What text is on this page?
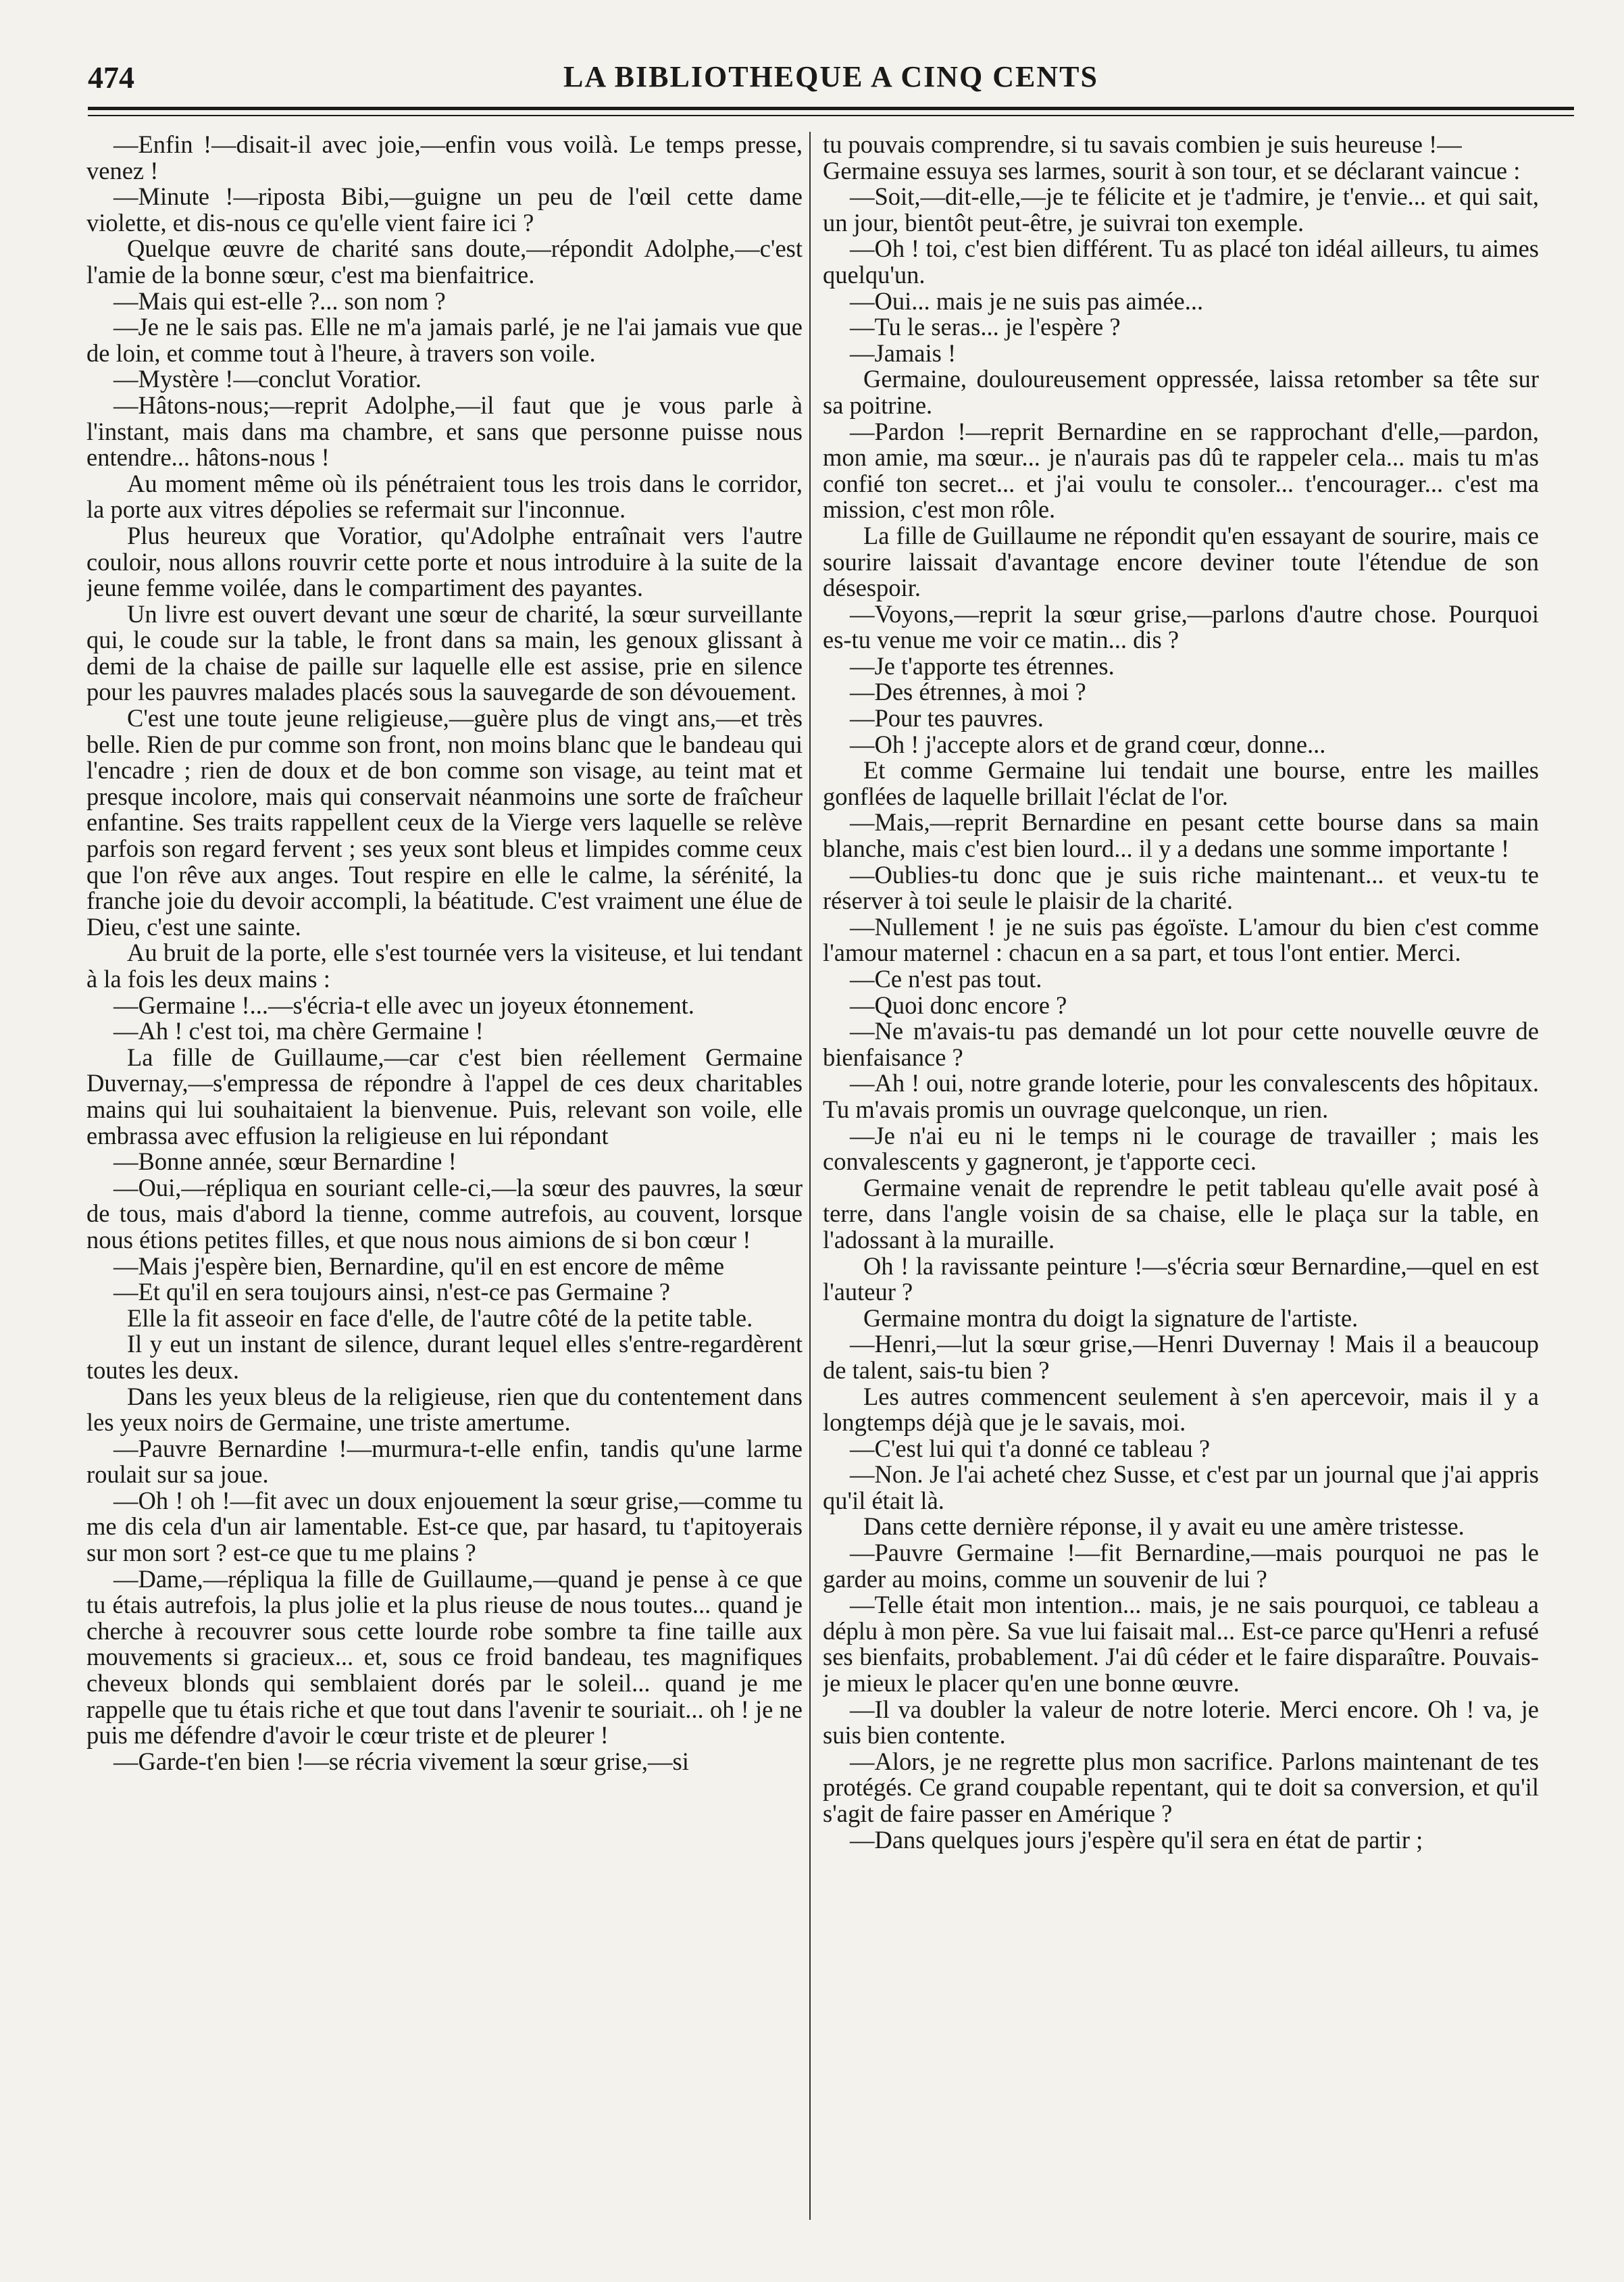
474	LA BIBLIOTHEQUE A CINQ CENTS

—Enfin !—disait-il avec joie,—enfin vous voilà. Le temps presse, venez !

—Minute !—riposta Bibi,—guigne un peu de l'œil cette dame violette, et dis-nous ce qu'elle vient faire ici ?

Quelque œuvre de charité sans doute,—répondit Adolphe,—c'est l'amie de la bonne sœur, c'est ma bienfaitrice.

—Mais qui est-elle ?... son nom ?

—Je ne le sais pas. Elle ne m'a jamais parlé, je ne l'ai jamais vue que de loin, et comme tout à l'heure, à travers son voile.

—Mystère !—conclut Voratior.

—Hâtons-nous;—reprit Adolphe,—il faut que je vous parle à l'instant, mais dans ma chambre, et sans que personne puisse nous entendre... hâtons-nous !

Au moment même où ils pénétraient tous les trois dans le corridor, la porte aux vitres dépolies se refermait sur l'inconnue.

Plus heureux que Voratior, qu'Adolphe entraînait vers l'autre couloir, nous allons rouvrir cette porte et nous introduire à la suite de la jeune femme voilée, dans le compartiment des payantes.

Un livre est ouvert devant une sœur de charité, la sœur surveillante qui, le coude sur la table, le front dans sa main, les genoux glissant à demi de la chaise de paille sur laquelle elle est assise, prie en silence pour les pauvres malades placés sous la sauvegarde de son dévouement.

C'est une toute jeune religieuse,—guère plus de vingt ans,—et très belle. Rien de pur comme son front, non moins blanc que le bandeau qui l'encadre ; rien de doux et de bon comme son visage, au teint mat et presque incolore, mais qui conservait néanmoins une sorte de fraîcheur enfantine. Ses traits rappellent ceux de la Vierge vers laquelle se relève parfois son regard fervent ; ses yeux sont bleus et limpides comme ceux que l'on rêve aux anges. Tout respire en elle le calme, la sérénité, la franche joie du devoir accompli, la béatitude. C'est vraiment une élue de Dieu, c'est une sainte.

Au bruit de la porte, elle s'est tournée vers la visiteuse, et lui tendant à la fois les deux mains :

—Germaine !...—s'écria-t elle avec un joyeux étonnement.

—Ah ! c'est toi, ma chère Germaine !

La fille de Guillaume,—car c'est bien réellement Germaine Duvernay,—s'empressa de répondre à l'appel de ces deux charitables mains qui lui souhaitaient la bienvenue. Puis, relevant son voile, elle embrassa avec effusion la religieuse en lui répondant

—Bonne année, sœur Bernardine !

—Oui,—répliqua en souriant celle-ci,—la sœur des pauvres, la sœur de tous, mais d'abord la tienne, comme autrefois, au couvent, lorsque nous étions petites filles, et que nous nous aimions de si bon cœur !

—Mais j'espère bien, Bernardine, qu'il en est encore de même

—Et qu'il en sera toujours ainsi, n'est-ce pas Germaine ?

Elle la fit asseoir en face d'elle, de l'autre côté de la petite table.

Il y eut un instant de silence, durant lequel elles s'entre-regardèrent toutes les deux.

Dans les yeux bleus de la religieuse, rien que du contentement dans les yeux noirs de Germaine, une triste amertume.

—Pauvre Bernardine !—murmura-t-elle enfin, tandis qu'une larme roulait sur sa joue.

—Oh ! oh !—fit avec un doux enjouement la sœur grise,—comme tu me dis cela d'un air lamentable. Est-ce que, par hasard, tu t'apitoyerais sur mon sort ? est-ce que tu me plains ?

—Dame,—répliqua la fille de Guillaume,—quand je pense à ce que tu étais autrefois, la plus jolie et la plus rieuse de nous toutes... quand je cherche à recouvrer sous cette lourde robe sombre ta fine taille aux mouvements si gracieux... et, sous ce froid bandeau, tes magnifiques cheveux blonds qui semblaient dorés par le soleil... quand je me rappelle que tu étais riche et que tout dans l'avenir te souriait... oh ! je ne puis me défendre d'avoir le cœur triste et de pleurer !

—Garde-t'en bien !—se récria vivement la sœur grise,—si

tu pouvais comprendre, si tu savais combien je suis heureuse !—

Germaine essuya ses larmes, sourit à son tour, et se déclarant vaincue :

—Soit,—dit-elle,—je te félicite et je t'admire, je t'envie... et qui sait, un jour, bientôt peut-être, je suivrai ton exemple.

—Oh ! toi, c'est bien différent. Tu as placé ton idéal ailleurs, tu aimes quelqu'un.

—Oui... mais je ne suis pas aimée...

—Tu le seras... je l'espère ?

—Jamais !

Germaine, douloureusement oppressée, laissa retomber sa tête sur sa poitrine.

—Pardon !—reprit Bernardine en se rapprochant d'elle,—pardon, mon amie, ma sœur... je n'aurais pas dû te rappeler cela... mais tu m'as confié ton secret... et j'ai voulu te consoler... t'encourager... c'est ma mission, c'est mon rôle.

La fille de Guillaume ne répondit qu'en essayant de sourire, mais ce sourire laissait d'avantage encore deviner toute l'étendue de son désespoir.

—Voyons,—reprit la sœur grise,—parlons d'autre chose. Pourquoi es-tu venue me voir ce matin... dis ?

—Je t'apporte tes étrennes.

—Des étrennes, à moi ?

—Pour tes pauvres.

—Oh ! j'accepte alors et de grand cœur, donne...

Et comme Germaine lui tendait une bourse, entre les mailles gonflées de laquelle brillait l'éclat de l'or.

—Mais,—reprit Bernardine en pesant cette bourse dans sa main blanche, mais c'est bien lourd... il y a dedans une somme importante !

—Oublies-tu donc que je suis riche maintenant... et veux-tu te réserver à toi seule le plaisir de la charité.

—Nullement ! je ne suis pas égoïste. L'amour du bien c'est comme l'amour maternel : chacun en a sa part, et tous l'ont entier. Merci.

—Ce n'est pas tout.

—Quoi donc encore ?

—Ne m'avais-tu pas demandé un lot pour cette nouvelle œuvre de bienfaisance ?

—Ah ! oui, notre grande loterie, pour les convalescents des hôpitaux. Tu m'avais promis un ouvrage quelconque, un rien.

—Je n'ai eu ni le temps ni le courage de travailler ; mais les convalescents y gagneront, je t'apporte ceci.

Germaine venait de reprendre le petit tableau qu'elle avait posé à terre, dans l'angle voisin de sa chaise, elle le plaça sur la table, en l'adossant à la muraille.

Oh ! la ravissante peinture !—s'écria sœur Bernardine,—quel en est l'auteur ?

Germaine montra du doigt la signature de l'artiste.

—Henri,—lut la sœur grise,—Henri Duvernay ! Mais il a beaucoup de talent, sais-tu bien ?

Les autres commencent seulement à s'en apercevoir, mais il y a longtemps déjà que je le savais, moi.

—C'est lui qui t'a donné ce tableau ?

—Non. Je l'ai acheté chez Susse, et c'est par un journal que j'ai appris qu'il était là.

Dans cette dernière réponse, il y avait eu une amère tristesse.

—Pauvre Germaine !—fit Bernardine,—mais pourquoi ne pas le garder au moins, comme un souvenir de lui ?

—Telle était mon intention... mais, je ne sais pourquoi, ce tableau a déplu à mon père. Sa vue lui faisait mal... Est-ce parce qu'Henri a refusé ses bienfaits, probablement. J'ai dû céder et le faire disparaître. Pouvais-je mieux le placer qu'en une bonne œuvre.

—Il va doubler la valeur de notre loterie. Merci encore. Oh ! va, je suis bien contente.

—Alors, je ne regrette plus mon sacrifice. Parlons maintenant de tes protégés. Ce grand coupable repentant, qui te doit sa conversion, et qu'il s'agit de faire passer en Amérique ?

—Dans quelques jours j'espère qu'il sera en état de partir ;
